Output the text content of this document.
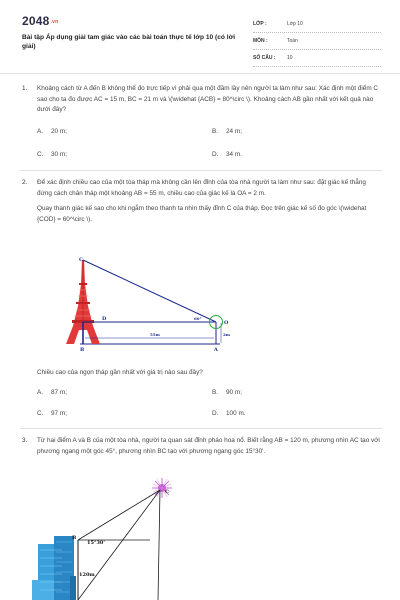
2048.vn
Bài tập Áp dụng giải tam giác vào các bài toán thực tế lớp 10 (có lời giải)
LỚP :	Lớp 10
MÔN :	Toán
SỐ CÂU : 10
1. Khoảng cách từ A đến B không thể đo trực tiếp vì phải qua một đầm lầy nên người ta làm như sau: Xác định một điểm C sao cho ta đo được AC = 15 m, BC = 21 m và \(\widehat {ACB} = 80^\circ \). Khoảng cách AB gần nhất với kết quả nào dưới đây?
A. 20 m;	B. 24 m;
C. 30 m;	D. 34 m.
2. Để xác định chiều cao của một tòa tháp mà không cần lên đỉnh của tòa nhà người ta làm như sau: đặt giác kế thẳng đứng cách chân tháp một khoảng AB = 55 m, chiều cao của giác kế là OA = 2 m.
Quay thanh giác kế sao cho khi ngắm theo thanh ta nhìn thấy đỉnh C của tháp. Đọc trên giác kế số đo góc \(\widehat {COD} = 60^\circ \).
C
D
O
B	A
60°
2m
55m
Chiều cao của ngọn tháp gần nhất với giá trị nào sau đây?
A. 87 m;	B. 90 m;
C. 97 m;	D. 100 m.
3. Từ hai điểm A và B của một tòa nhà, người ta quan sát đỉnh pháo hoa nổ. Biết rằng AB = 120 m, phương nhìn AC tạo với phương ngang một góc 45°, phương nhìn BC tạo với phương ngang góc 15°30'.
B
C
15°30'
120m
